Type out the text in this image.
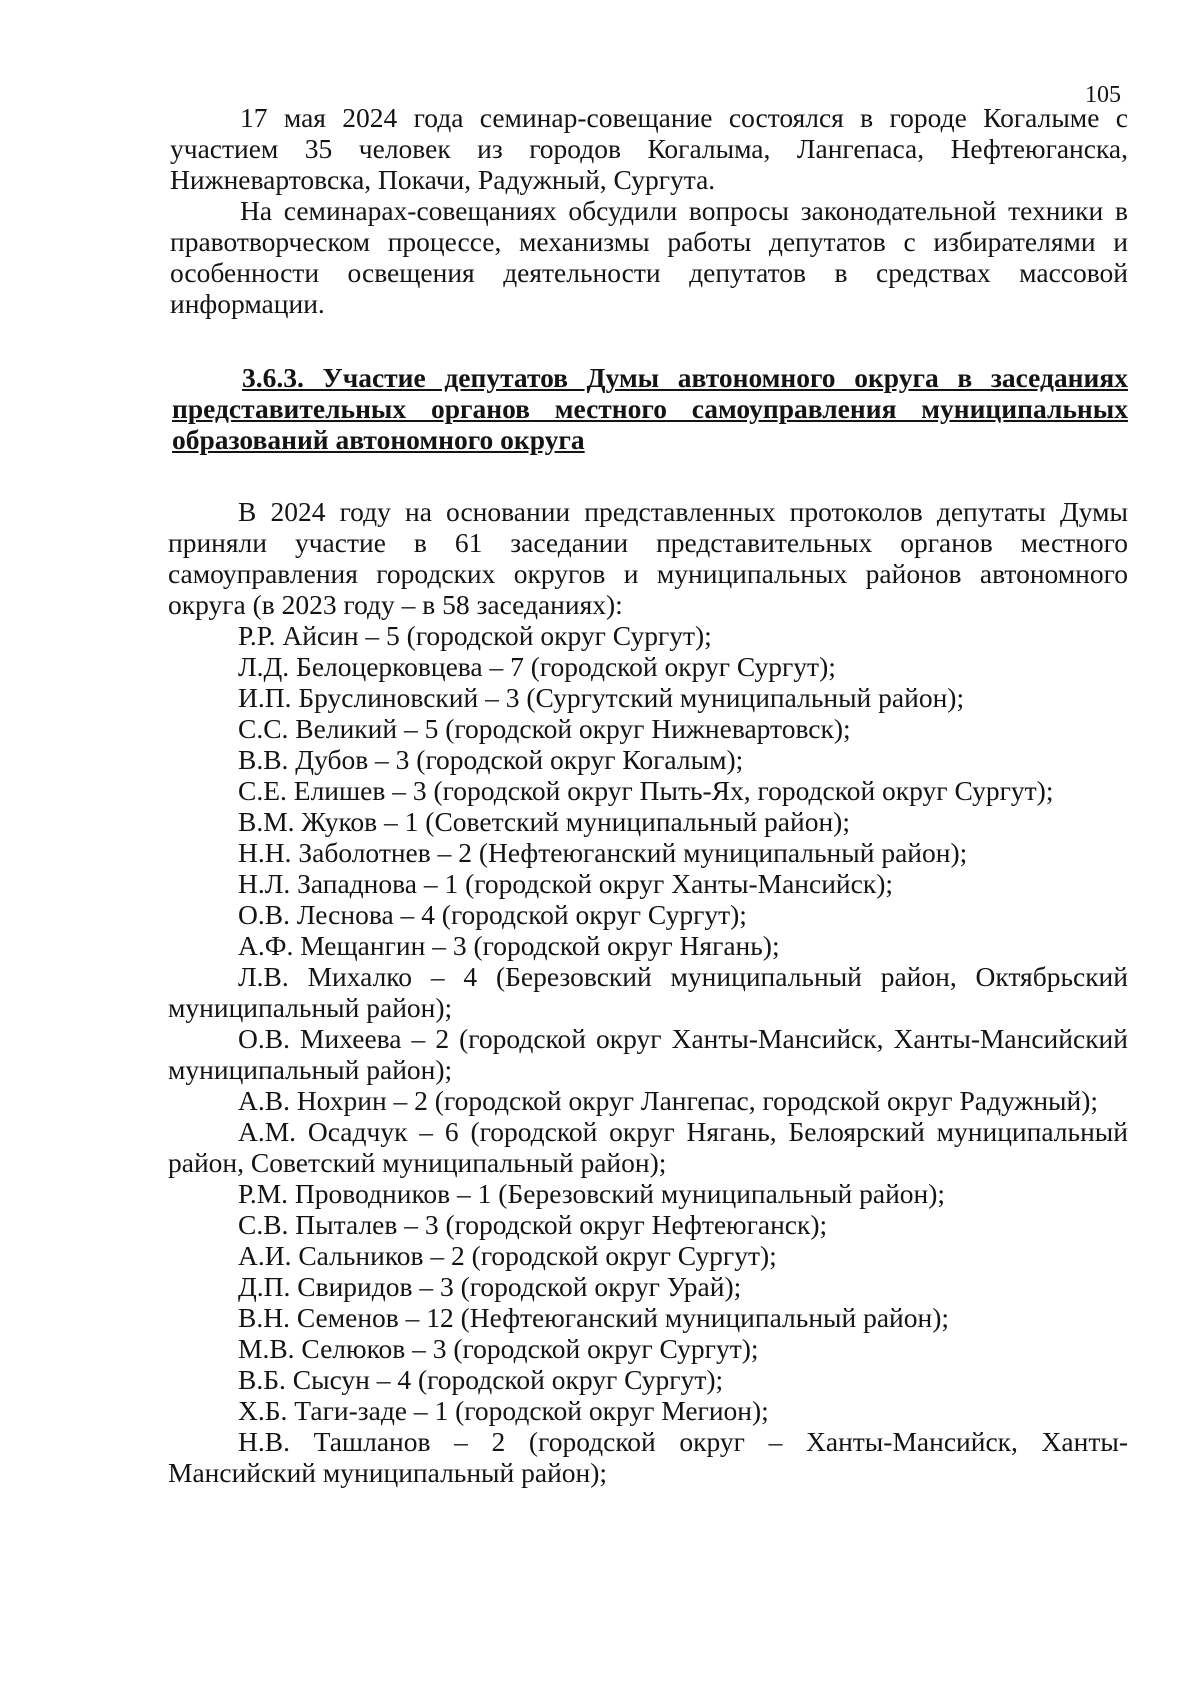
105

17 мая 2024 года семинар-совещание состоялся в городе Когалыме с участием 35 человек из городов Когалыма, Лангепаса, Нефтеюганска, Нижневартовска, Покачи, Радужный, Сургута.

На семинарах-совещаниях обсудили вопросы законодательной техники в правотворческом процессе, механизмы работы депутатов с избирателями и особенности освещения деятельности депутатов в средствах массовой информации.

3.6.3. Участие депутатов Думы автономного округа в заседаниях представительных органов местного самоуправления муниципальных образований автономного округа

В 2024 году на основании представленных протоколов депутаты Думы приняли участие в 61 заседании представительных органов местного самоуправления городских округов и муниципальных районов автономного округа (в 2023 году – в 58 заседаниях):

Р.Р. Айсин – 5 (городской округ Сургут);

Л.Д. Белоцерковцева – 7 (городской округ Сургут);

И.П. Бруслиновский – 3 (Сургутский муниципальный район);

С.С. Великий – 5 (городской округ Нижневартовск);

В.В. Дубов – 3 (городской округ Когалым);

С.Е. Елишев – 3 (городской округ Пыть-Ях, городской округ Сургут);

В.М. Жуков – 1 (Советский муниципальный район);

Н.Н. Заболотнев – 2 (Нефтеюганский муниципальный район);

Н.Л. Западнова – 1 (городской округ Ханты-Мансийск);

О.В. Леснова – 4 (городской округ Сургут);

А.Ф. Мещангин – 3 (городской округ Нягань);

Л.В. Михалко – 4 (Березовский муниципальный район, Октябрьский муниципальный район);

О.В. Михеева – 2 (городской округ Ханты-Мансийск, Ханты-Мансийский муниципальный район);

А.В. Нохрин – 2 (городской округ Лангепас, городской округ Радужный);

А.М. Осадчук – 6 (городской округ Нягань, Белоярский муниципальный район, Советский муниципальный район);

Р.М. Проводников – 1 (Березовский муниципальный район);

С.В. Пыталев – 3 (городской округ Нефтеюганск);

А.И. Сальников – 2 (городской округ Сургут);

Д.П. Свиридов – 3 (городской округ Урай);

В.Н. Семенов – 12 (Нефтеюганский муниципальный район);

М.В. Селюков – 3 (городской округ Сургут);

В.Б. Сысун – 4 (городской округ Сургут);

Х.Б. Таги-заде – 1 (городской округ Мегион);

Н.В. Ташланов – 2 (городской округ – Ханты-Мансийск, Ханты-Мансийский муниципальный район);
